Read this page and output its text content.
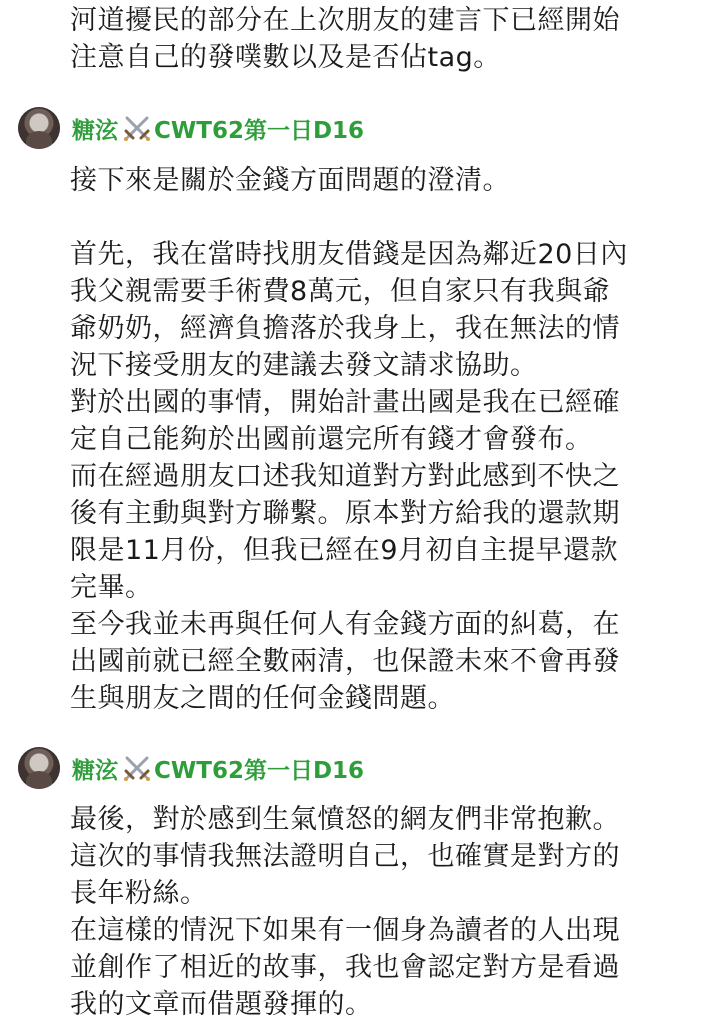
河道擾民的部分在上次朋友的建言下已經開始
注意自己的發噗數以及是否佔tag。
糖泫 CWT62第一日D16
接下來是關於金錢方面問題的澄清。
首先，我在當時找朋友借錢是因為鄰近20日內
我父親需要手術費8萬元，但自家只有我與爺
爺奶奶，經濟負擔落於我身上，我在無法的情
況下接受朋友的建議去發文請求協助。
對於出國的事情，開始計畫出國是我在已經確
定自己能夠於出國前還完所有錢才會發布。
而在經過朋友口述我知道對方對此感到不快之
後有主動與對方聯繫。原本對方給我的還款期
限是11月份，但我已經在9月初自主提早還款
完畢。
至今我並未再與任何人有金錢方面的糾葛，在
出國前就已經全數兩清，也保證未來不會再發
生與朋友之間的任何金錢問題。
糖泫 CWT62第一日D16
最後，對於感到生氣憤怒的網友們非常抱歉。
這次的事情我無法證明自己，也確實是對方的
長年粉絲。
在這樣的情況下如果有一個身為讀者的人出現
並創作了相近的故事，我也會認定對方是看過
我的文章而借題發揮的。
